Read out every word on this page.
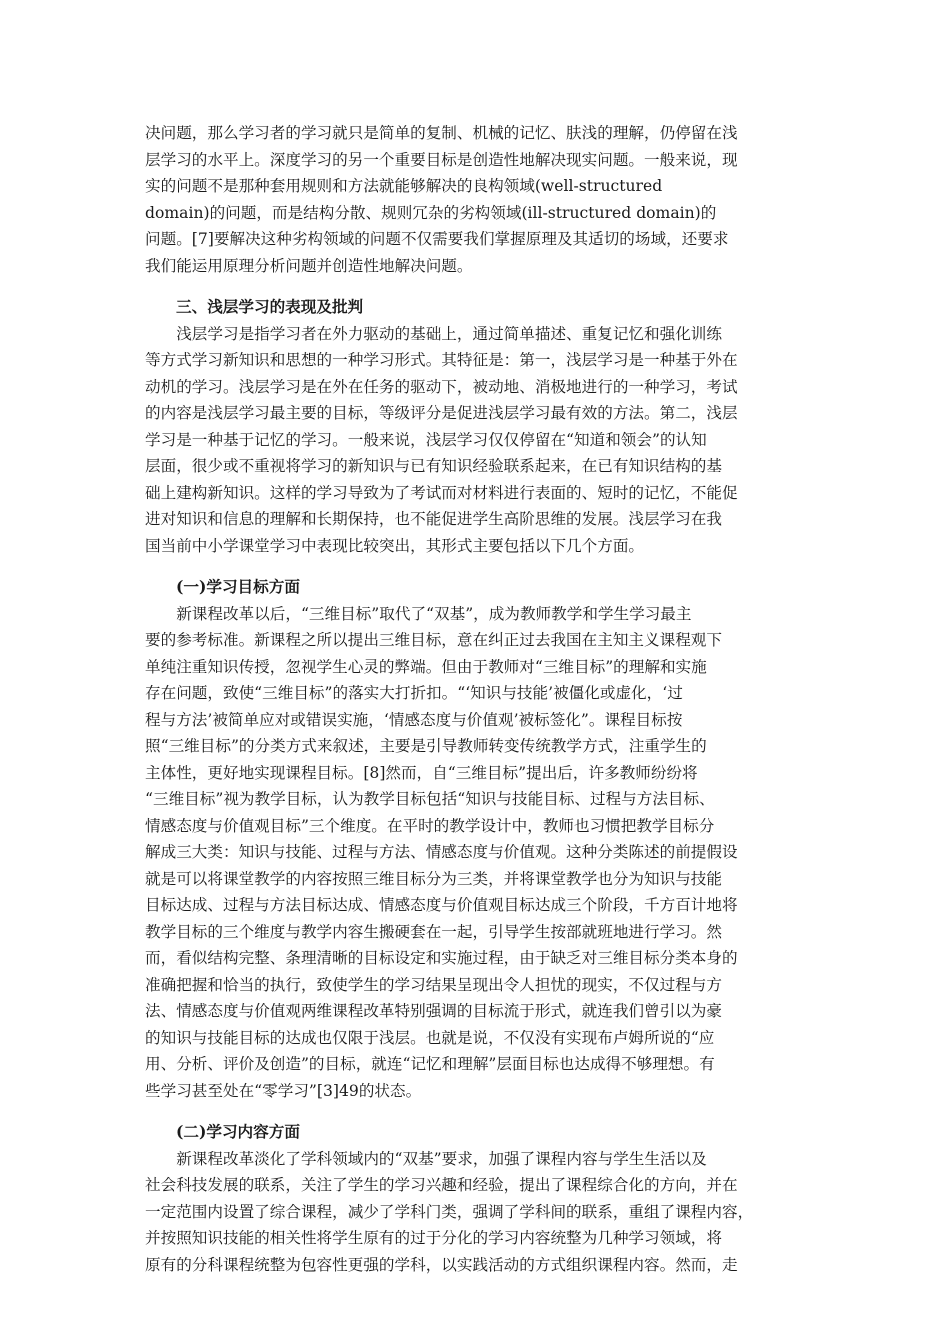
决问题，那么学习者的学习就只是简单的复制、机械的记忆、肤浅的理解，仍停留在浅
层学习的水平上。深度学习的另一个重要目标是创造性地解决现实问题。一般来说，现
实的问题不是那种套用规则和方法就能够解决的良构领域(well-structured
domain)的问题，而是结构分散、规则冗杂的劣构领域(ill-structured domain)的
问题。[7]要解决这种劣构领域的问题不仅需要我们掌握原理及其适切的场域，还要求
我们能运用原理分析问题并创造性地解决问题。
三、浅层学习的表现及批判
浅层学习是指学习者在外力驱动的基础上，通过简单描述、重复记忆和强化训练
等方式学习新知识和思想的一种学习形式。其特征是：第一，浅层学习是一种基于外在
动机的学习。浅层学习是在外在任务的驱动下，被动地、消极地进行的一种学习，考试
的内容是浅层学习最主要的目标，等级评分是促进浅层学习最有效的方法。第二，浅层
学习是一种基于记忆的学习。一般来说，浅层学习仅仅停留在“知道和领会”的认知
层面，很少或不重视将学习的新知识与已有知识经验联系起来，在已有知识结构的基
础上建构新知识。这样的学习导致为了考试而对材料进行表面的、短时的记忆，不能促
进对知识和信息的理解和长期保持，也不能促进学生高阶思维的发展。浅层学习在我
国当前中小学课堂学习中表现比较突出，其形式主要包括以下几个方面。
(一)学习目标方面
新课程改革以后，“三维目标”取代了“双基”，成为教师教学和学生学习最主
要的参考标准。新课程之所以提出三维目标，意在纠正过去我国在主知主义课程观下
单纯注重知识传授，忽视学生心灵的弊端。但由于教师对“三维目标”的理解和实施
存在问题，致使“三维目标”的落实大打折扣。“‘知识与技能’被僵化或虚化，‘过
程与方法’被简单应对或错误实施，‘情感态度与价值观’被标签化”。课程目标按
照“三维目标”的分类方式来叙述，主要是引导教师转变传统教学方式，注重学生的
主体性，更好地实现课程目标。[8]然而，自“三维目标”提出后，许多教师纷纷将
“三维目标”视为教学目标，认为教学目标包括“知识与技能目标、过程与方法目标、
情感态度与价值观目标”三个维度。在平时的教学设计中，教师也习惯把教学目标分
解成三大类：知识与技能、过程与方法、情感态度与价值观。这种分类陈述的前提假设
就是可以将课堂教学的内容按照三维目标分为三类，并将课堂教学也分为知识与技能
目标达成、过程与方法目标达成、情感态度与价值观目标达成三个阶段，千方百计地将
教学目标的三个维度与教学内容生搬硬套在一起，引导学生按部就班地进行学习。然
而，看似结构完整、条理清晰的目标设定和实施过程，由于缺乏对三维目标分类本身的
准确把握和恰当的执行，致使学生的学习结果呈现出令人担忧的现实，不仅过程与方
法、情感态度与价值观两维课程改革特别强调的目标流于形式，就连我们曾引以为豪
的知识与技能目标的达成也仅限于浅层。也就是说，不仅没有实现布卢姆所说的“应
用、分析、评价及创造”的目标，就连“记忆和理解”层面目标也达成得不够理想。有
些学习甚至处在“零学习”[3]49的状态。
(二)学习内容方面
新课程改革淡化了学科领域内的“双基”要求，加强了课程内容与学生生活以及
社会科技发展的联系，关注了学生的学习兴趣和经验，提出了课程综合化的方向，并在
一定范围内设置了综合课程，减少了学科门类，强调了学科间的联系，重组了课程内容，
并按照知识技能的相关性将学生原有的过于分化的学习内容统整为几种学习领域，将
原有的分科课程统整为包容性更强的学科，以实践活动的方式组织课程内容。然而，走
